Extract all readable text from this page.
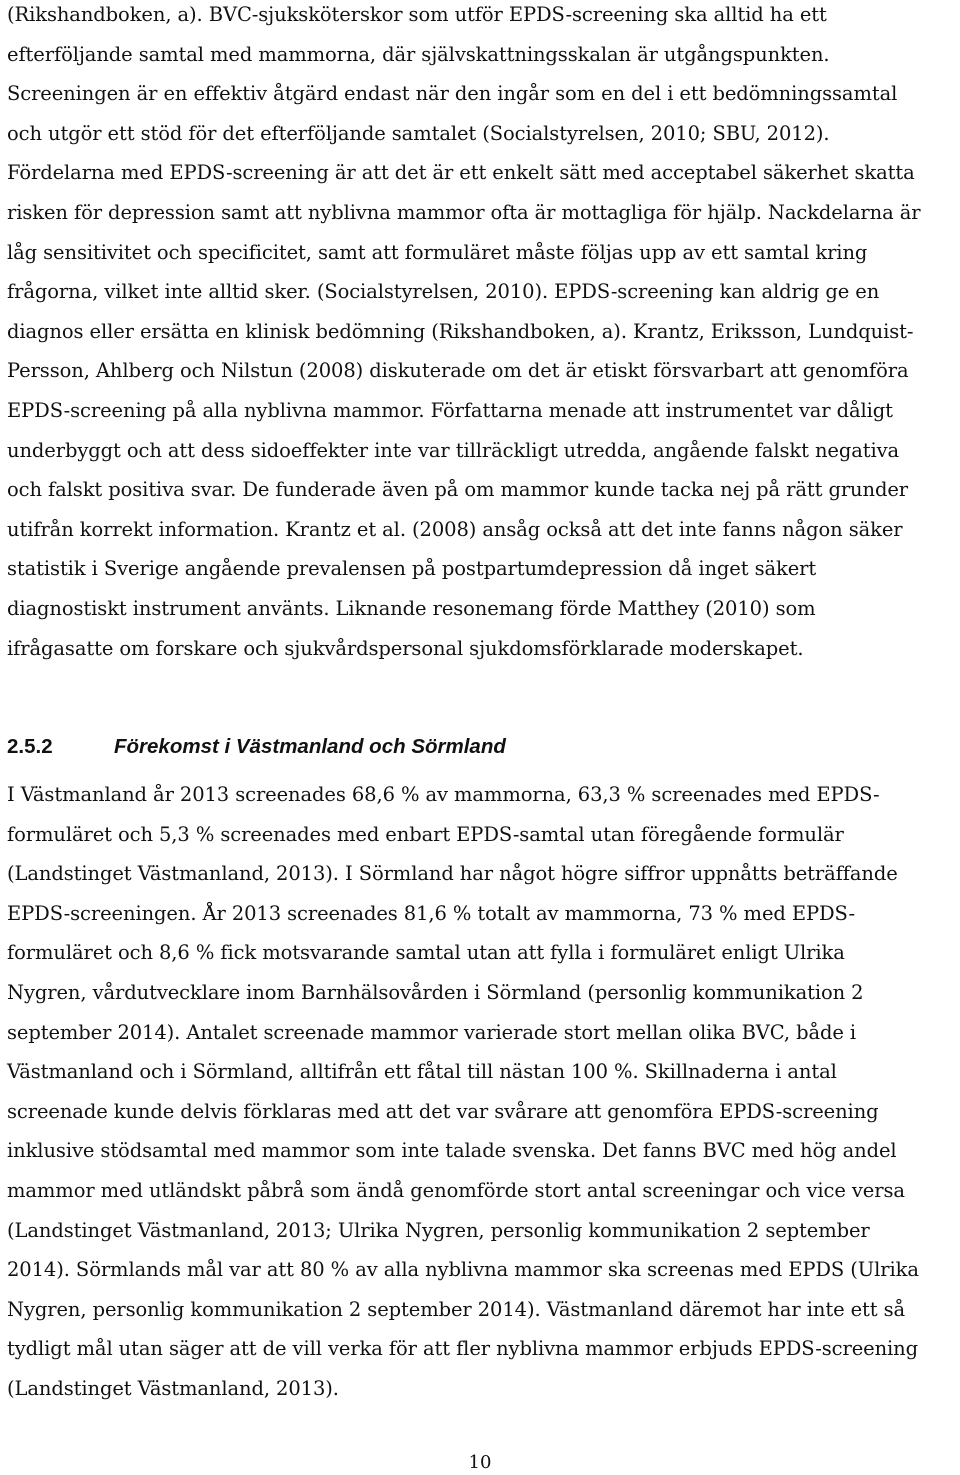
(Rikshandboken, a). BVC-sjuksköterskor som utför EPDS-screening ska alltid ha ett
efterföljande samtal med mammorna, där självskattningsskalan är utgångspunkten.
Screeningen är en effektiv åtgärd endast när den ingår som en del i ett bedömningssamtal
och utgör ett stöd för det efterföljande samtalet (Socialstyrelsen, 2010; SBU, 2012).
Fördelarna med EPDS-screening är att det är ett enkelt sätt med acceptabel säkerhet skatta
risken för depression samt att nyblivna mammor ofta är mottagliga för hjälp. Nackdelarna är
låg sensitivitet och specificitet, samt att formuläret måste följas upp av ett samtal kring
frågorna, vilket inte alltid sker. (Socialstyrelsen, 2010). EPDS-screening kan aldrig ge en
diagnos eller ersätta en klinisk bedömning (Rikshandboken, a). Krantz, Eriksson, Lundquist-
Persson, Ahlberg och Nilstun (2008) diskuterade om det är etiskt försvarbart att genomföra
EPDS-screening på alla nyblivna mammor. Författarna menade att instrumentet var dåligt
underbyggt och att dess sidoeffekter inte var tillräckligt utredda, angående falskt negativa
och falskt positiva svar. De funderade även på om mammor kunde tacka nej på rätt grunder
utifrån korrekt information. Krantz et al. (2008) ansåg också att det inte fanns någon säker
statistik i Sverige angående prevalensen på postpartumdepression då inget säkert
diagnostiskt instrument använts. Liknande resonemang förde Matthey (2010) som
ifrågasatte om forskare och sjukvårdspersonal sjukdomsförklarade moderskapet.

2.5.2	Förekomst i Västmanland och Sörmland

I Västmanland år 2013 screenades 68,6 % av mammorna, 63,3 % screenades med EPDS-
formuläret och 5,3 % screenades med enbart EPDS-samtal utan föregående formulär
(Landstinget Västmanland, 2013). I Sörmland har något högre siffror uppnåtts beträffande
EPDS-screeningen. År 2013 screenades 81,6 % totalt av mammorna, 73 % med EPDS-
formuläret och 8,6 % fick motsvarande samtal utan att fylla i formuläret enligt Ulrika
Nygren, vårdutvecklare inom Barnhälsovården i Sörmland (personlig kommunikation 2
september 2014). Antalet screenade mammor varierade stort mellan olika BVC, både i
Västmanland och i Sörmland, alltifrån ett fåtal till nästan 100 %. Skillnaderna i antal
screenade kunde delvis förklaras med att det var svårare att genomföra EPDS-screening
inklusive stödsamtal med mammor som inte talade svenska. Det fanns BVC med hög andel
mammor med utländskt påbrå som ändå genomförde stort antal screeningar och vice versa
(Landstinget Västmanland, 2013; Ulrika Nygren, personlig kommunikation 2 september
2014). Sörmlands mål var att 80 % av alla nyblivna mammor ska screenas med EPDS (Ulrika
Nygren, personlig kommunikation 2 september 2014). Västmanland däremot har inte ett så
tydligt mål utan säger att de vill verka för att fler nyblivna mammor erbjuds EPDS-screening
(Landstinget Västmanland, 2013).

10
